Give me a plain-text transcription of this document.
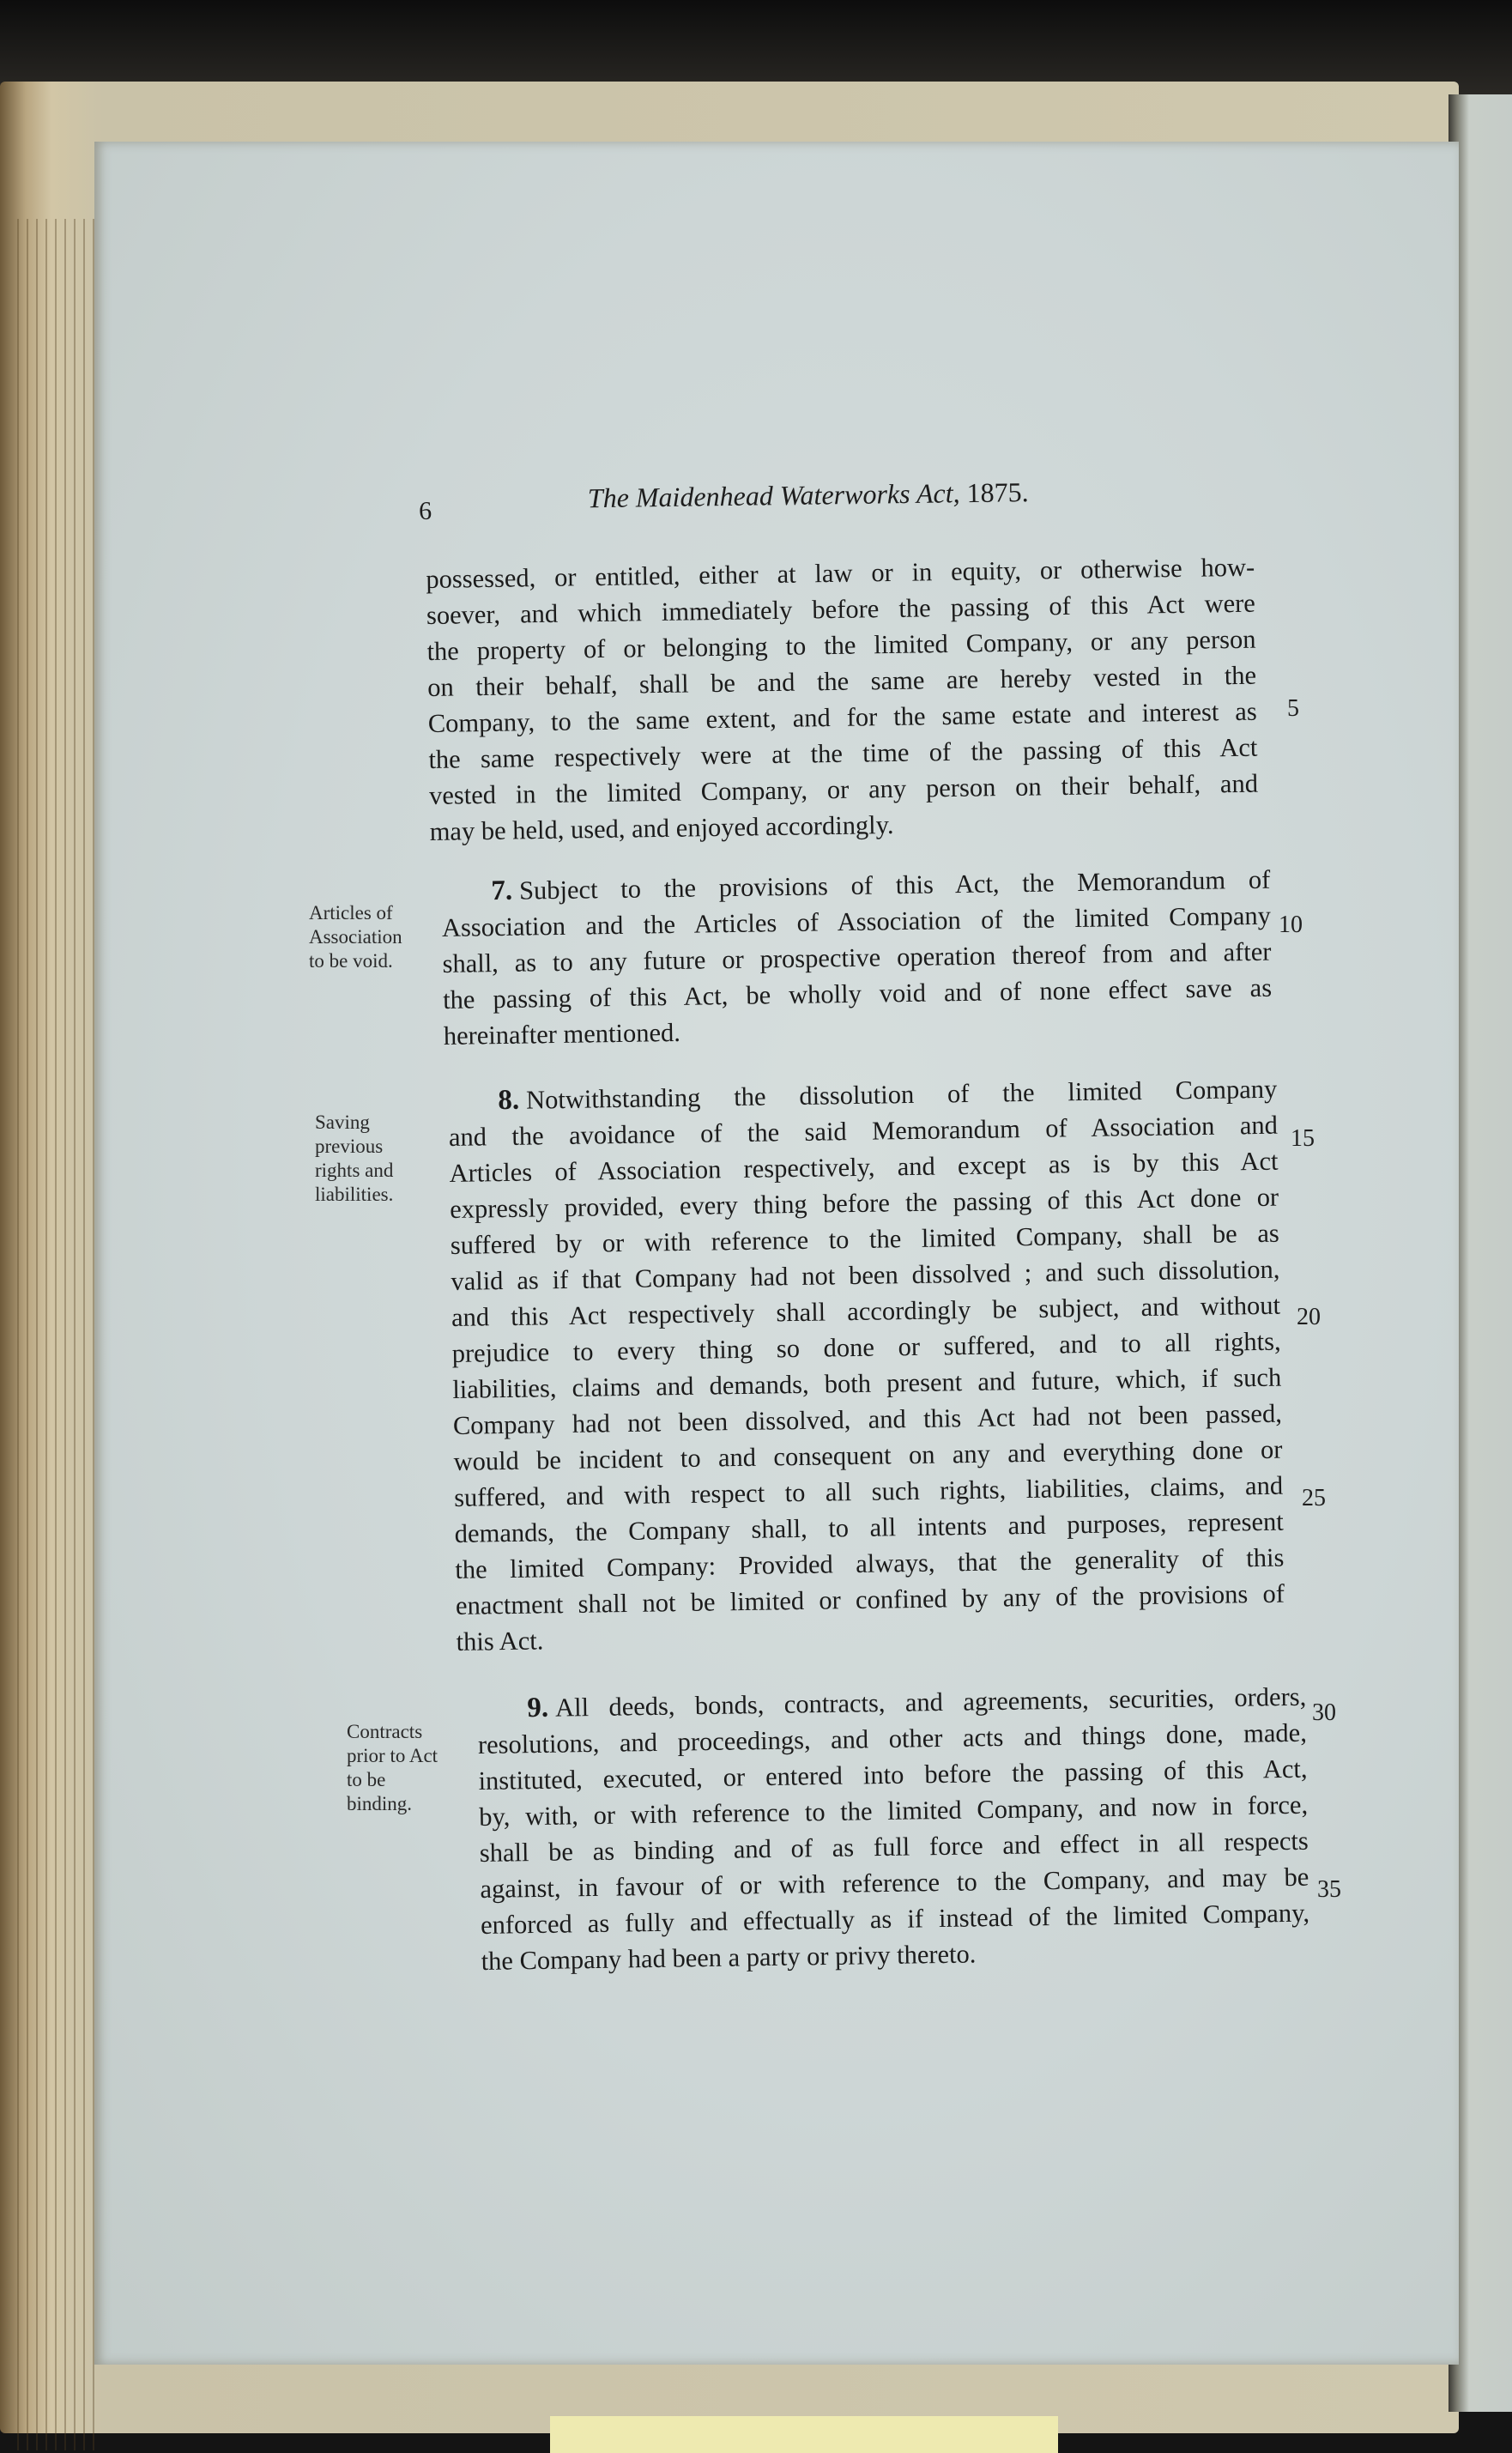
6	The Maidenhead Waterworks Act, 1875.
possessed, or entitled, either at law or in equity, or otherwise how-
soever, and which immediately before the passing of this Act were
the property of or belonging to the limited Company, or any person
on their behalf, shall be and the same are hereby vested in the
Company, to the same extent, and for the same estate and interest as
the same respectively were at the time of the passing of this Act
vested in the limited Company, or any person on their behalf, and
may be held, used, and enjoyed accordingly.
7. Subject to the provisions of this Act, the Memorandum of
Association and the Articles of Association of the limited Company
shall, as to any future or prospective operation thereof from and after
the passing of this Act, be wholly void and of none effect save as
hereinafter mentioned.
8. Notwithstanding the dissolution of the limited Company
and the avoidance of the said Memorandum of Association and
Articles of Association respectively, and except as is by this Act
expressly provided, every thing before the passing of this Act done or
suffered by or with reference to the limited Company, shall be as
valid as if that Company had not been dissolved ; and such dissolution,
and this Act respectively shall accordingly be subject, and without
prejudice to every thing so done or suffered, and to all rights,
liabilities, claims and demands, both present and future, which, if such
Company had not been dissolved, and this Act had not been passed,
would be incident to and consequent on any and everything done or
suffered, and with respect to all such rights, liabilities, claims, and
demands, the Company shall, to all intents and purposes, represent
the limited Company: Provided always, that the generality of this
enactment shall not be limited or confined by any of the provisions of
this Act.
9. All deeds, bonds, contracts, and agreements, securities, orders,
resolutions, and proceedings, and other acts and things done, made,
instituted, executed, or entered into before the passing of this Act,
by, with, or with reference to the limited Company, and now in force,
shall be as binding and of as full force and effect in all respects
against, in favour of or with reference to the Company, and may be
enforced as fully and effectually as if instead of the limited Company,
the Company had been a party or privy thereto.
Articles of
Association
to be void.
Saving
previous
rights and
liabilities.
Contracts
prior to Act
to be
binding.
5
10
15
20
25
30
35
